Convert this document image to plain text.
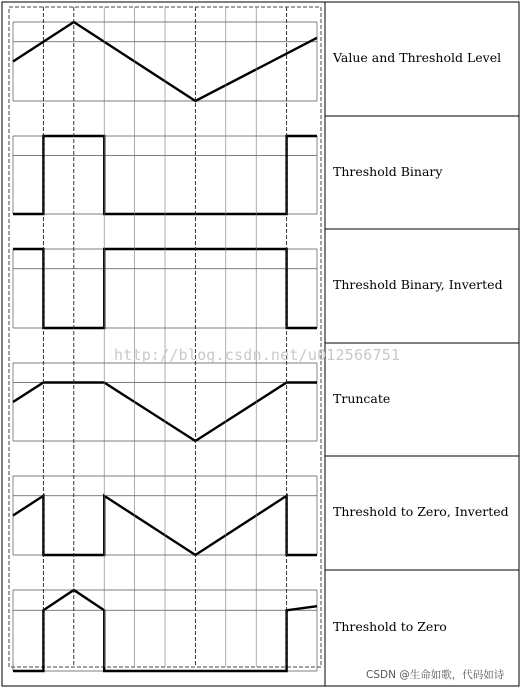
Value and Threshold Level
Threshold Binary
Threshold Binary, Inverted
Truncate
Threshold to Zero, Inverted
Threshold to Zero
http://blog.csdn.net/u012566751
CSDN @生命如歌，代码如诗
